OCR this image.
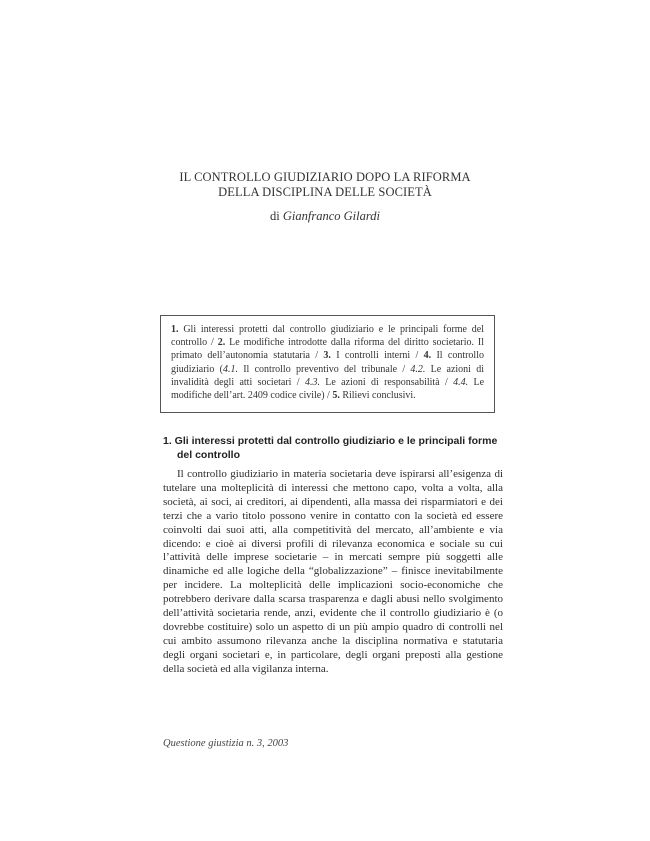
IL CONTROLLO GIUDIZIARIO DOPO LA RIFORMA
DELLA DISCIPLINA DELLE SOCIETÀ
di Gianfranco Gilardi
1. Gli interessi protetti dal controllo giudiziario e le principali forme del controllo / 2. Le modifiche introdotte dalla riforma del diritto societario. Il primato dell’autonomia statutaria / 3. I controlli interni / 4. Il controllo giudiziario (4.1. Il controllo preventivo del tribunale / 4.2. Le azioni di invalidità degli atti societari / 4.3. Le azioni di responsabilità / 4.4. Le modifiche dell’art. 2409 codice civile) / 5. Rilievi conclusivi.
1. Gli interessi protetti dal controllo giudiziario e le principali forme
del controllo

Il controllo giudiziario in materia societaria deve ispirarsi all’esigenza di tutelare una molteplicità di interessi che mettono capo, volta a volta, alla società, ai soci, ai creditori, ai dipendenti, alla massa dei risparmiatori e dei terzi che a vario titolo possono venire in contatto con la società ed essere coinvolti dai suoi atti, alla competitività del mercato, all’ambiente e via dicendo: e cioè ai diversi profili di rilevanza economica e sociale su cui l’attività delle imprese societarie – in mercati sempre più soggetti alle dinamiche ed alle logiche della “globalizzazione” – finisce inevitabilmente per incidere. La molteplicità delle implicazioni socio-economiche che potrebbero derivare dalla scarsa trasparenza e dagli abusi nello svolgimento dell’attività societaria rende, anzi, evidente che il controllo giudiziario è (o dovrebbe costituire) solo un aspetto di un più ampio quadro di controlli nel cui ambito assumono rilevanza anche la disciplina normativa e statutaria degli organi societari e, in particolare, degli organi preposti alla gestione della società ed alla vigilanza interna.

Questione giustizia n. 3, 2003
